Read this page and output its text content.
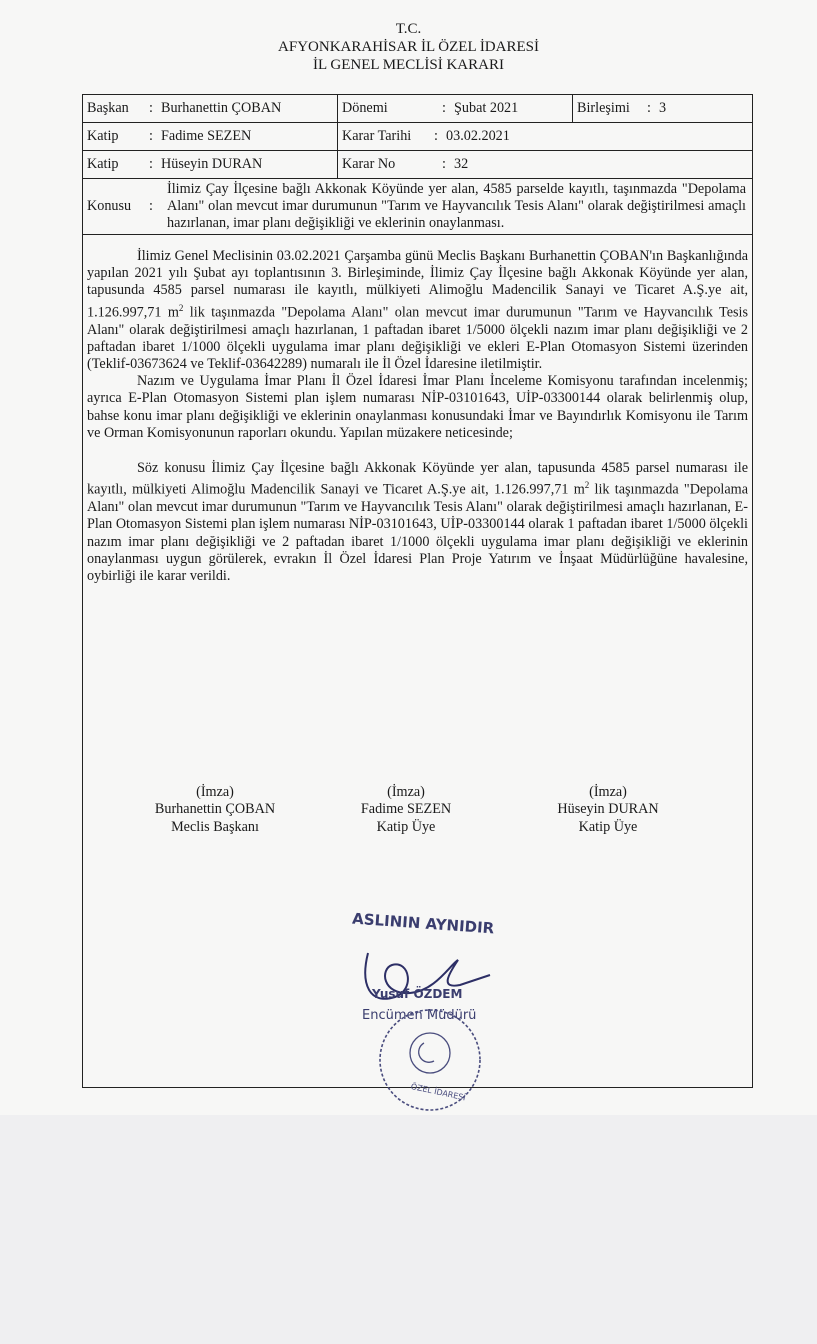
T.C.
AFYONKARAHİSAR İL ÖZEL İDARESİ
İL GENEL MECLİSİ KARARI
Başkan : Burhanettin ÇOBAN	Dönemi : Şubat 2021	Birleşimi : 3
Katip : Fadime SEZEN	Karar Tarihi : 03.02.2021	
Katip : Hüseyin DURAN	Karar No : 32	

Konusu :
İlimiz Çay İlçesine bağlı Akkonak Köyünde yer alan, 4585 parselde kayıtlı, taşınmazda "Depolama Alanı" olan mevcut imar durumunun "Tarım ve Hayvancılık Tesis Alanı" olarak değiştirilmesi amaçlı hazırlanan, imar planı değişikliği ve eklerinin onaylanması.		

İlimiz Genel Meclisinin 03.02.2021 Çarşamba günü Meclis Başkanı Burhanettin ÇOBAN'ın Başkanlığında yapılan 2021 yılı Şubat ayı toplantısının 3. Birleşiminde, İlimiz Çay İlçesine bağlı Akkonak Köyünde yer alan, tapusunda 4585 parsel numarası ile kayıtlı, mülkiyeti Alimoğlu Madencilik Sanayi ve Ticaret A.Ş.ye ait, 1.126.997,71 $m^2$ lik taşınmazda "Depolama Alanı" olan mevcut imar durumunun "Tarım ve Hayvancılık Tesis Alanı" olarak değiştirilmesi amaçlı hazırlanan, 1 paftadan ibaret 1/5000 ölçekli nazım imar planı değişikliği ve 2 paftadan ibaret 1/1000 ölçekli uygulama imar planı değişikliği ve ekleri E-Plan Otomasyon Sistemi üzerinden (Teklif-03673624 ve Teklif-03642289) numaralı ile İl Özel İdaresine iletilmiştir.

Nazım ve Uygulama İmar Planı İl Özel İdaresi İmar Planı İnceleme Komisyonu tarafından incelenmiş; ayrıca E-Plan Otomasyon Sistemi plan işlem numarası NİP-03101643, UİP-03300144 olarak belirlenmiş olup, bahse konu imar planı değişikliği ve eklerinin onaylanması konusundaki İmar ve Bayındırlık Komisyonu ile Tarım ve Orman Komisyonunun raporları okundu. Yapılan müzakere neticesinde;

Söz konusu İlimiz Çay İlçesine bağlı Akkonak Köyünde yer alan, tapusunda 4585 parsel numarası ile kayıtlı, mülkiyeti Alimoğlu Madencilik Sanayi ve Ticaret A.Ş.ye ait, 1.126.997,71 $m^2$ lik taşınmazda "Depolama Alanı" olan mevcut imar durumunun "Tarım ve Hayvancılık Tesis Alanı" olarak değiştirilmesi amaçlı hazırlanan, E-Plan Otomasyon Sistemi plan işlem numarası NİP-03101643, UİP-03300144 olarak 1 paftadan ibaret 1/5000 ölçekli nazım imar planı değişikliği ve 2 paftadan ibaret 1/1000 ölçekli uygulama imar planı değişikliği ve eklerinin onaylanması uygun görülerek, evrakın İl Özel İdaresi Plan Proje Yatırım ve İnşaat Müdürlüğüne havalesine, oybirliği ile karar verildi.

(İmza)
Burhanettin ÇOBAN
Meclis Başkanı
(İmza)
Fadime SEZEN
Katip Üye
(İmza)
Hüseyin DURAN
Katip Üye
ASLININ AYNIDIR
Yusuf ÖZDEM
Encümen Müdürü
ÖZEL İDARESİ
